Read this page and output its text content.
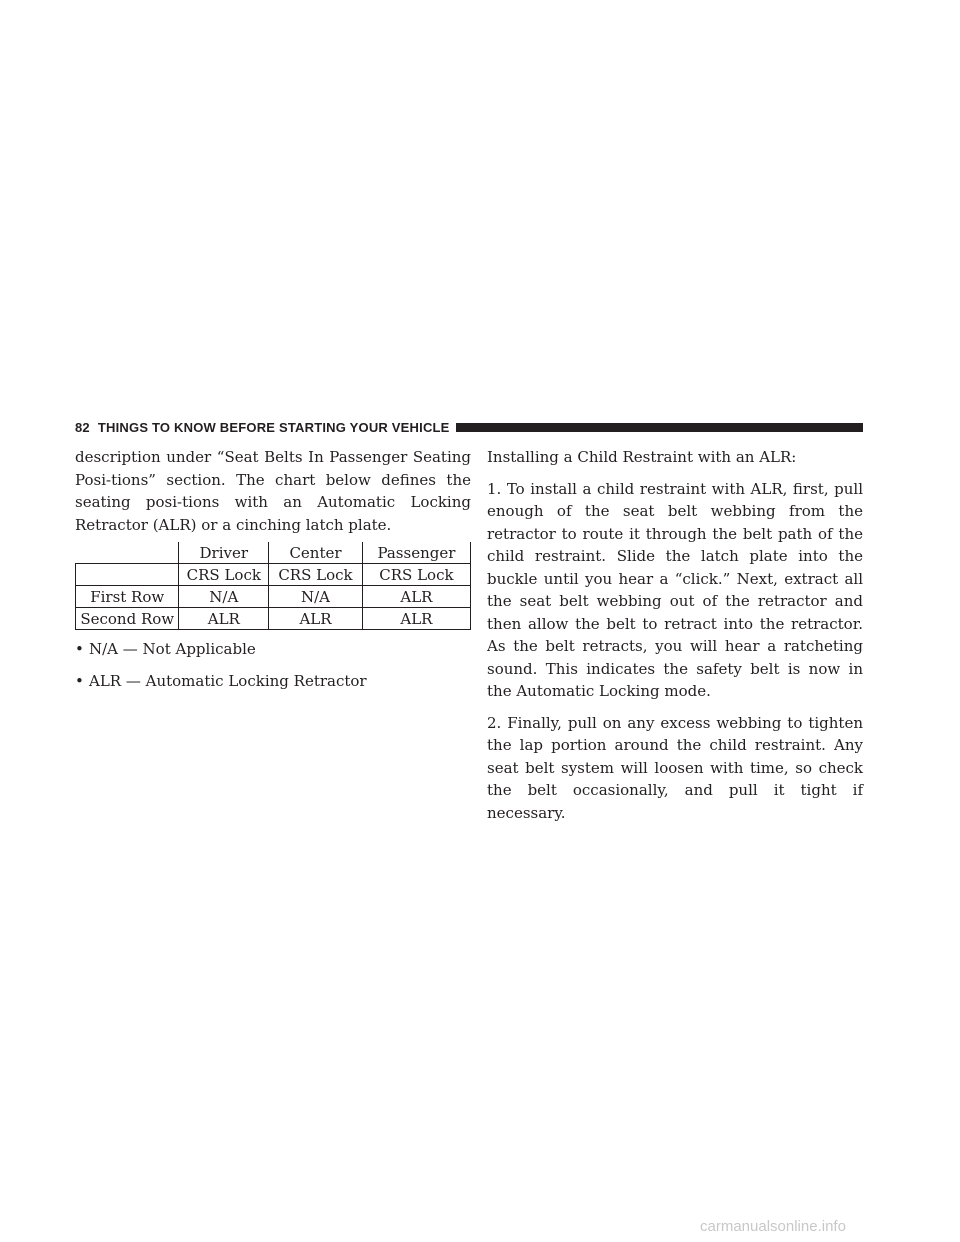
82 THINGS TO KNOW BEFORE STARTING YOUR VEHICLE

description under “Seat Belts In Passenger Seating Posi-tions” section. The chart below defines the seating posi-tions with an Automatic Locking Retractor (ALR) or a cinching latch plate.

	Driver	Center	Passenger
	CRS Lock	CRS Lock	CRS Lock
First Row	N/A	N/A	ALR
Second Row	ALR	ALR	ALR
• N/A — Not Applicable
• ALR — Automatic Locking Retractor

Installing a Child Restraint with an ALR:

1. To install a child restraint with ALR, first, pull enough of the seat belt webbing from the retractor to route it through the belt path of the child restraint. Slide the latch plate into the buckle until you hear a “click.” Next, extract all the seat belt webbing out of the retractor and then allow the belt to retract into the retractor. As the belt retracts, you will hear a ratcheting sound. This indicates the safety belt is now in the Automatic Locking mode.

2. Finally, pull on any excess webbing to tighten the lap portion around the child restraint. Any seat belt system will loosen with time, so check the belt occasionally, and pull it tight if necessary.

carmanualsonline.info
